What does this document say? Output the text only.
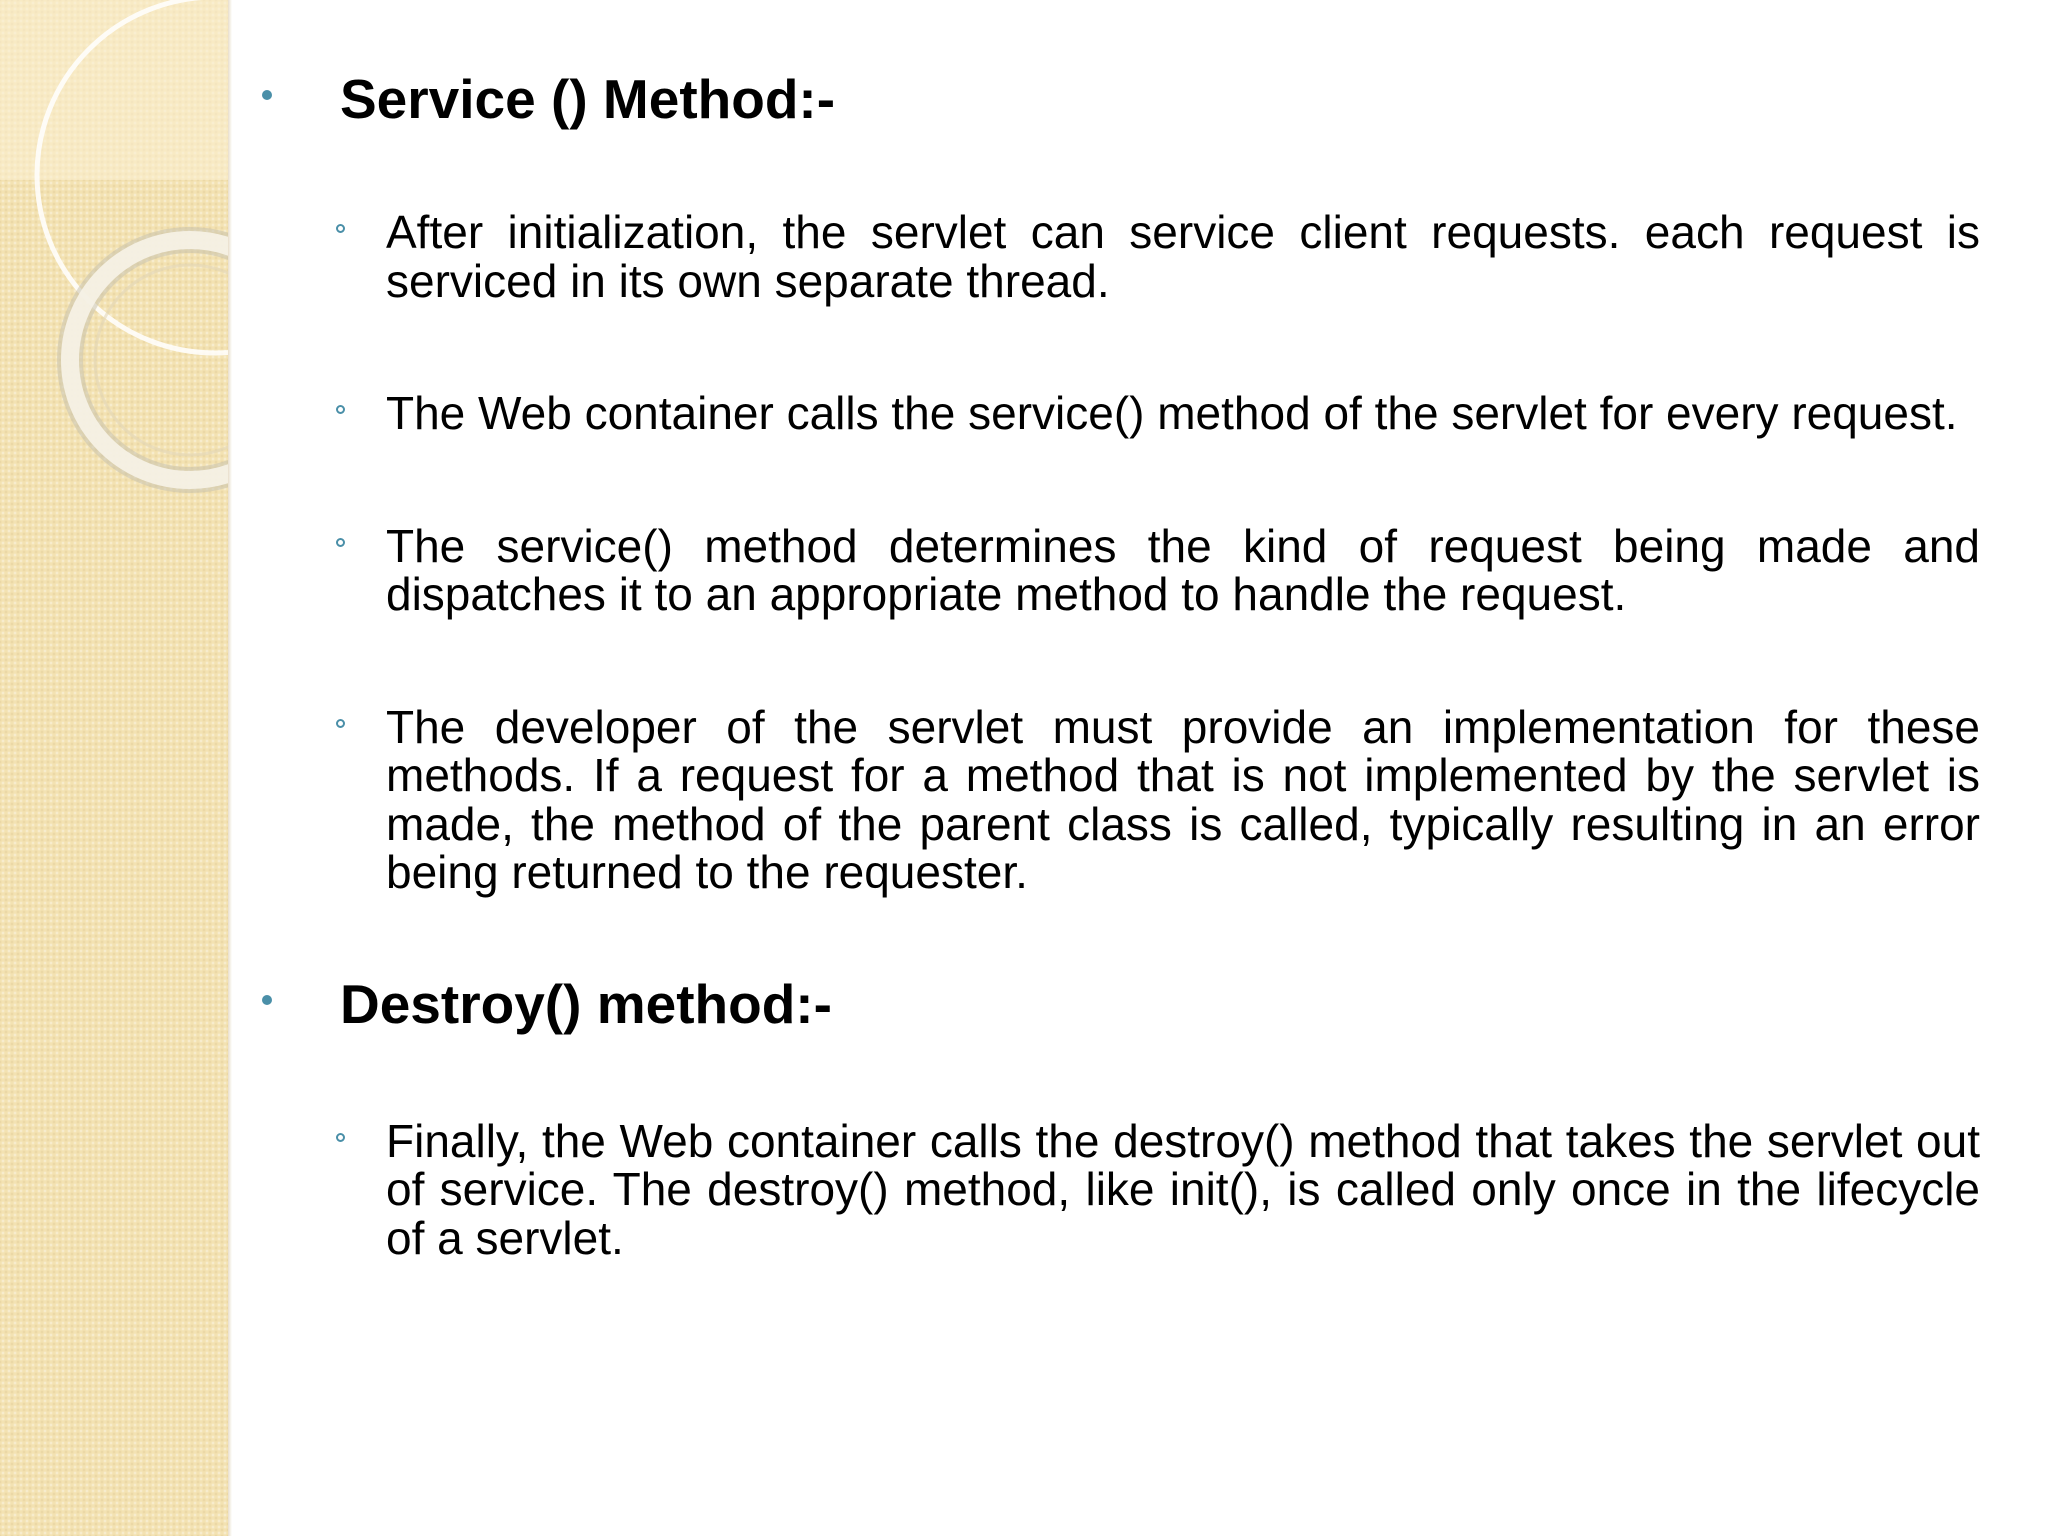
Service () Method:-
After initialization, the servlet can service client requests. each request is serviced in its own separate thread.
The Web container calls the service() method of the servlet for every request.
The service() method determines the kind of request being made and dispatches it to an appropriate method to handle the request.
The developer of the servlet must provide an implementation for these methods. If a request for a method that is not implemented by the servlet is made, the method of the parent class is called, typically resulting in an error being returned to the requester.
Destroy() method:-
Finally, the Web container calls the destroy() method that takes the servlet out of service. The destroy() method, like init(), is called only once in the lifecycle of a servlet.
